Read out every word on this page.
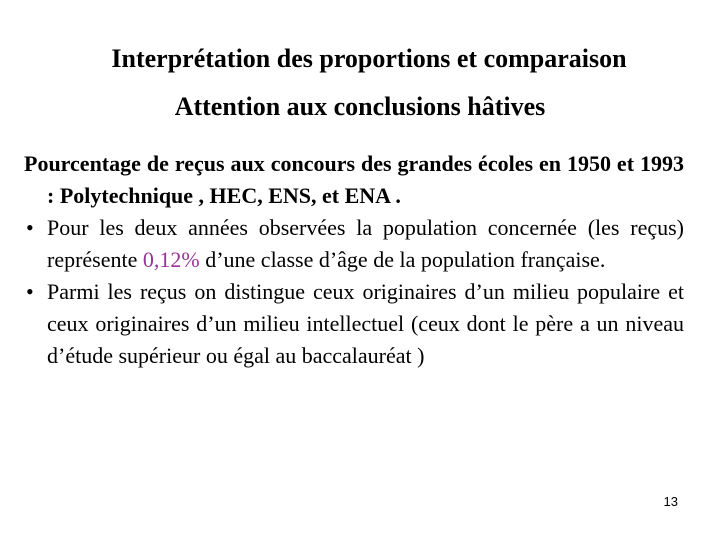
Interprétation des proportions et comparaison
Attention aux conclusions hâtives

Pourcentage de reçus aux concours des grandes écoles en 1950 et 1993 : Polytechnique , HEC, ENS, et ENA .

• Pour les deux années observées la population concernée (les reçus) représente 0,12% d’une classe d’âge de la population française.

• Parmi les reçus on distingue ceux originaires d’un milieu populaire et ceux originaires d’un milieu intellectuel (ceux dont le père a un niveau d’étude supérieur ou égal au baccalauréat )

13
